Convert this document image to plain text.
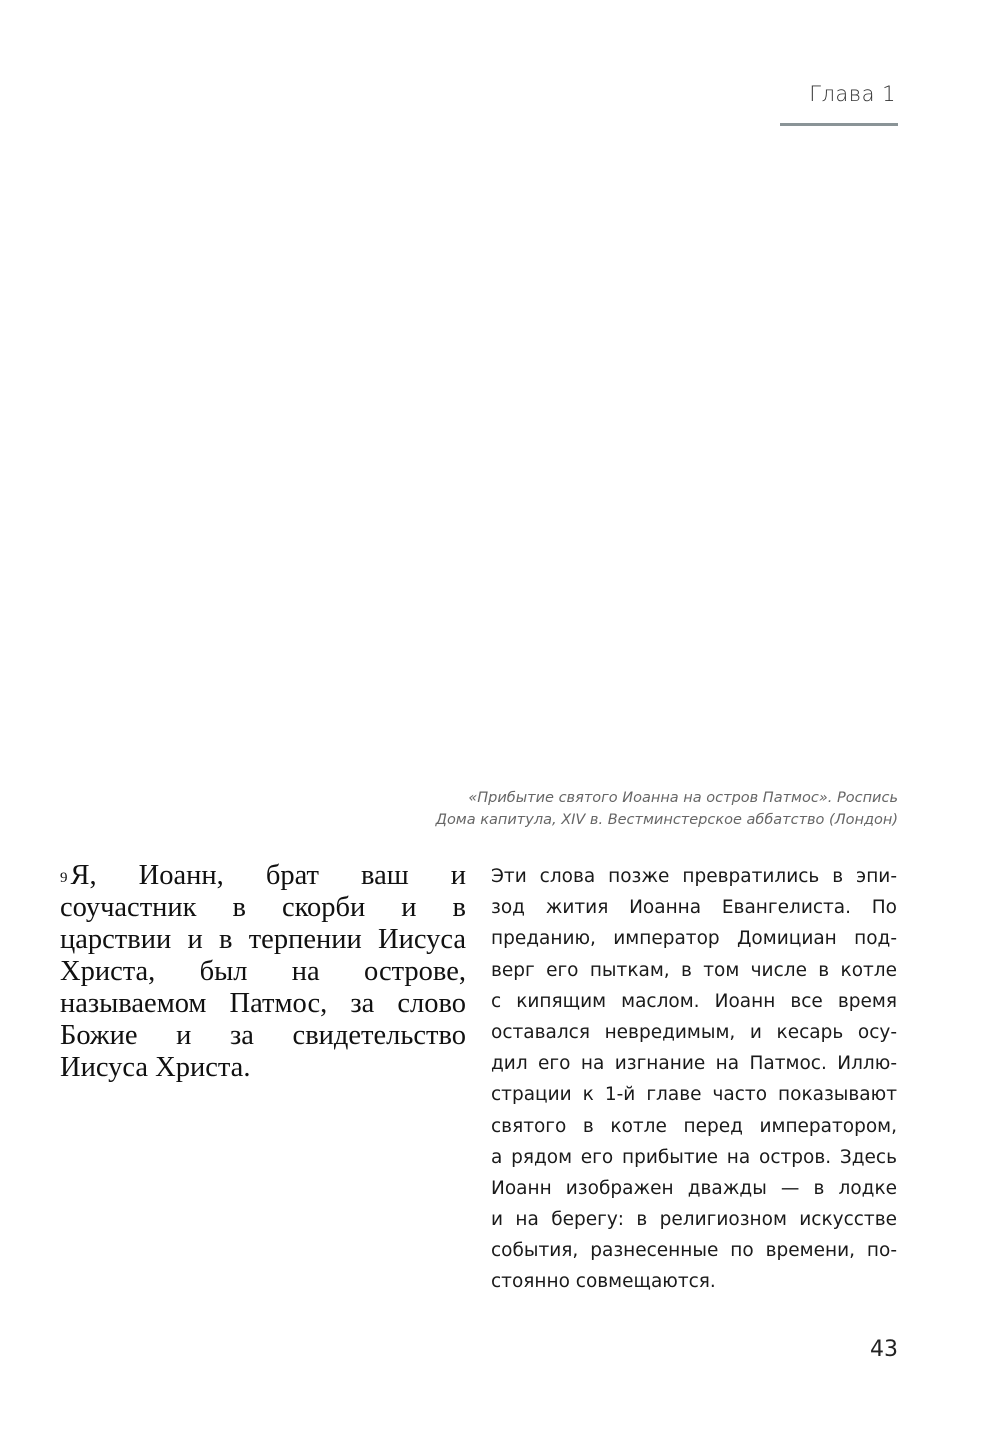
Глава 1
«Прибытие святого Иоанна на остров Патмос». Роспись
Дома капитула, XIV в. Вестминстерское аббатство (Лондон)
$^9$ Я, Иоанн, брат ваш и соучастник в скорби и в царствии и в терпении Иисуса Христа, был на острове, называемом Патмос, за слово Божие и за свидетельство Иисуса Христа.
Эти слова позже превратились в эпи-
зод жития Иоанна Евангелиста. По
преданию, император Домициан под-
верг его пыткам, в том числе в котле
с кипящим маслом. Иоанн все время
оставался невредимым, и кесарь осу-
дил его на изгнание на Патмос. Иллю-
страции к 1-й главе часто показывают
святого в котле перед императором,
а рядом его прибытие на остров. Здесь
Иоанн изображен дважды — в лодке
и на берегу: в религиозном искусстве
события, разнесенные по времени, по-
стоянно совмещаются.
43
